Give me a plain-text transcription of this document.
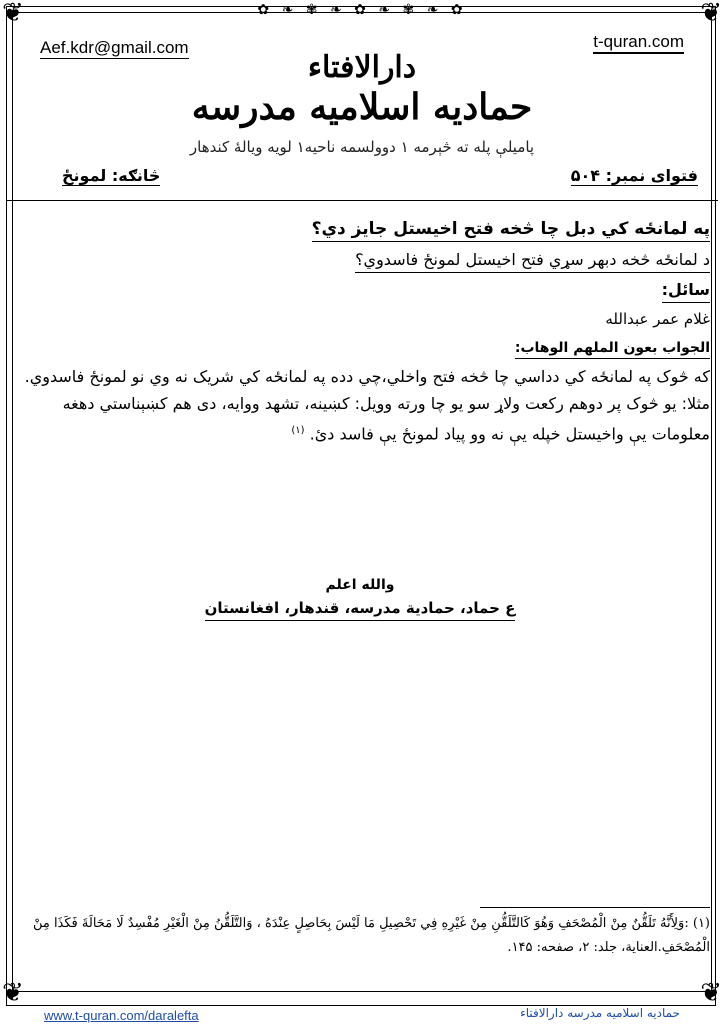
❦	❦
❦	❦
✿ ❧ ✾ ❧ ✿ ❧ ✾ ❧ ✿
Aef.kdr@gmail.com	t-quran.com
دارالافتاء
حمادیه اسلامیه مدرسه
پاميلې پله ته څېرمه ۱ دوولسمه ناحيه۱ لويه ويالهٔ كندهار
فتوای نمبر: ۵۰۴
څانګه: لمونځ
په لمانځه کي دبل چا څخه فتح اخيستل جايز دي؟
د لمانځه څخه دبهر سړي فتح اخيستل لمونځ فاسدوي؟
سائل:
غلام عمر عبدالله
الجواب بعون الملهم الوهاب:

که څوک په لمانځه کي دداسي چا څخه فتح واخلي،چي دده په لمانځه کي شريک نه وي نو لمونځ فاسدوي.

مثلا: يو څوک پر دوهم رکعت ولاړ سو يو چا ورته وويل: کښينه، تشهد ووايه، دی هم کښېناستي دهغه معلومات يې واخيستل خپله يې نه وو پياد لمونځ يې فاسد دئ. $^{(۱)}$

والله اعلم
ع حماد، حمادية مدرسه، قندهار، افغانستان
(۱) :وَلِأَنَّهُ تَلَقُّنٌ مِنْ الْمُصْحَفِ وَهُوَ كَالتَّلَقُّنِ مِنْ غَيْرِهِ فِي تَحْصِيلِ مَا لَيْسَ بِحَاصِلٍ عِنْدَهُ ، وَالتَّلَقُّنُ مِنْ الْغَيْرِ مُفْسِدٌ لَا مَحَالَةَ فَكَذَا مِنْ الْمُصْحَفِ.العناية، جلد: ۲، صفحه: ۱۴۵.
www.t-quran.com/daralefta	حماديه اسلاميه مدرسه دارالافتاء
